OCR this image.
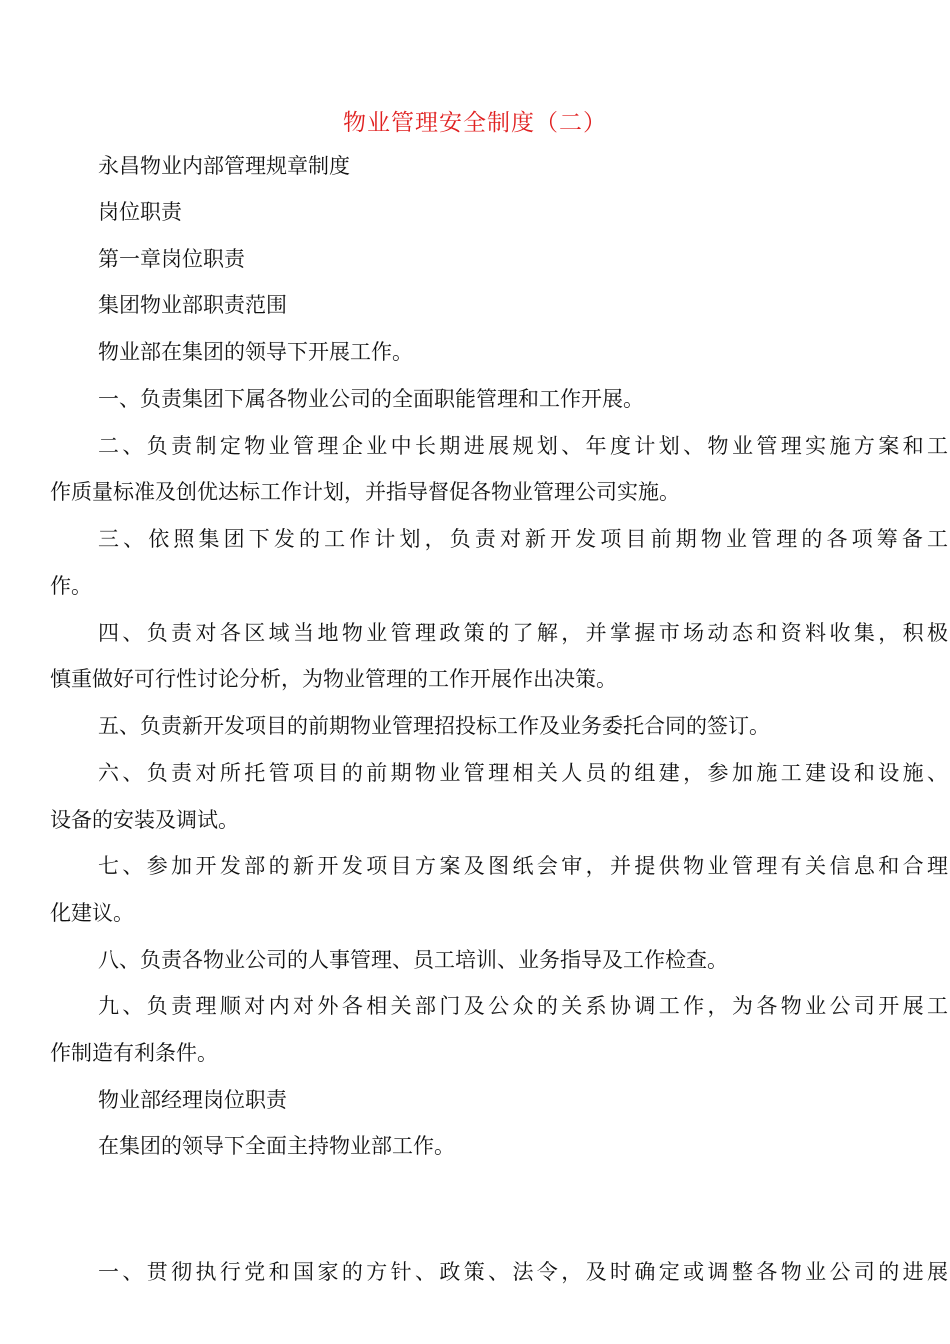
物业管理安全制度（二）
永昌物业内部管理规章制度
岗位职责
第一章岗位职责
集团物业部职责范围
物业部在集团的领导下开展工作。
一、负责集团下属各物业公司的全面职能管理和工作开展。
二、负责制定物业管理企业中长期进展规划、年度计划、物业管理实施方案和工
作质量标准及创优达标工作计划，并指导督促各物业管理公司实施。
三、依照集团下发的工作计划，负责对新开发项目前期物业管理的各项筹备工
作。
四、负责对各区域当地物业管理政策的了解，并掌握市场动态和资料收集，积极
慎重做好可行性讨论分析，为物业管理的工作开展作出决策。
五、负责新开发项目的前期物业管理招投标工作及业务委托合同的签订。
六、负责对所托管项目的前期物业管理相关人员的组建，参加施工建设和设施、
设备的安装及调试。
七、参加开发部的新开发项目方案及图纸会审，并提供物业管理有关信息和合理
化建议。
八、负责各物业公司的人事管理、员工培训、业务指导及工作检查。
九、负责理顺对内对外各相关部门及公众的关系协调工作，为各物业公司开展工
作制造有利条件。
物业部经理岗位职责
在集团的领导下全面主持物业部工作。
一、贯彻执行党和国家的方针、政策、法令，及时确定或调整各物业公司的进展
